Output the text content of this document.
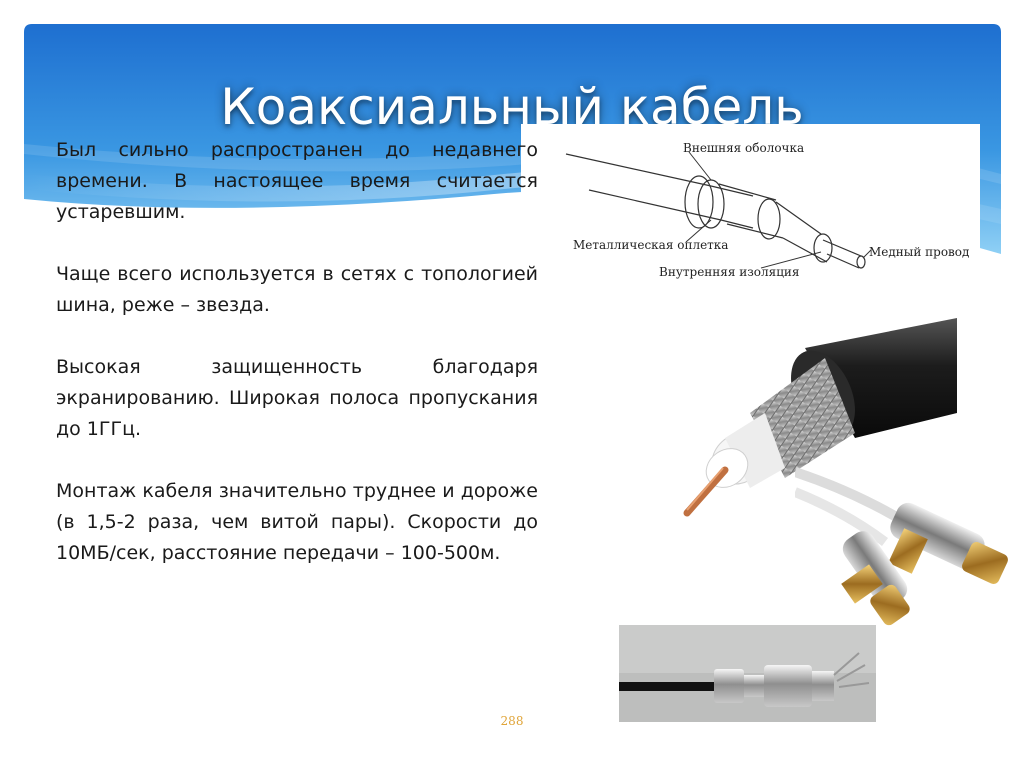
Коаксиальный кабель
Внешняя оболочка
Металлическая оплетка
Внутренняя изоляция
Медный провод

Был сильно распространен до недавнего времени. В настоящее время считается устаревшим.

Чаще всего используется в сетях с топологией шина, реже – звезда.

Высокая защищенность благодаря экранированию. Широкая полоса пропускания до 1ГГц.

Монтаж кабеля значительно труднее и дороже (в 1,5-2 раза, чем витой пары). Скорости до 10МБ/сек, расстояние передачи – 100-500м.

288
